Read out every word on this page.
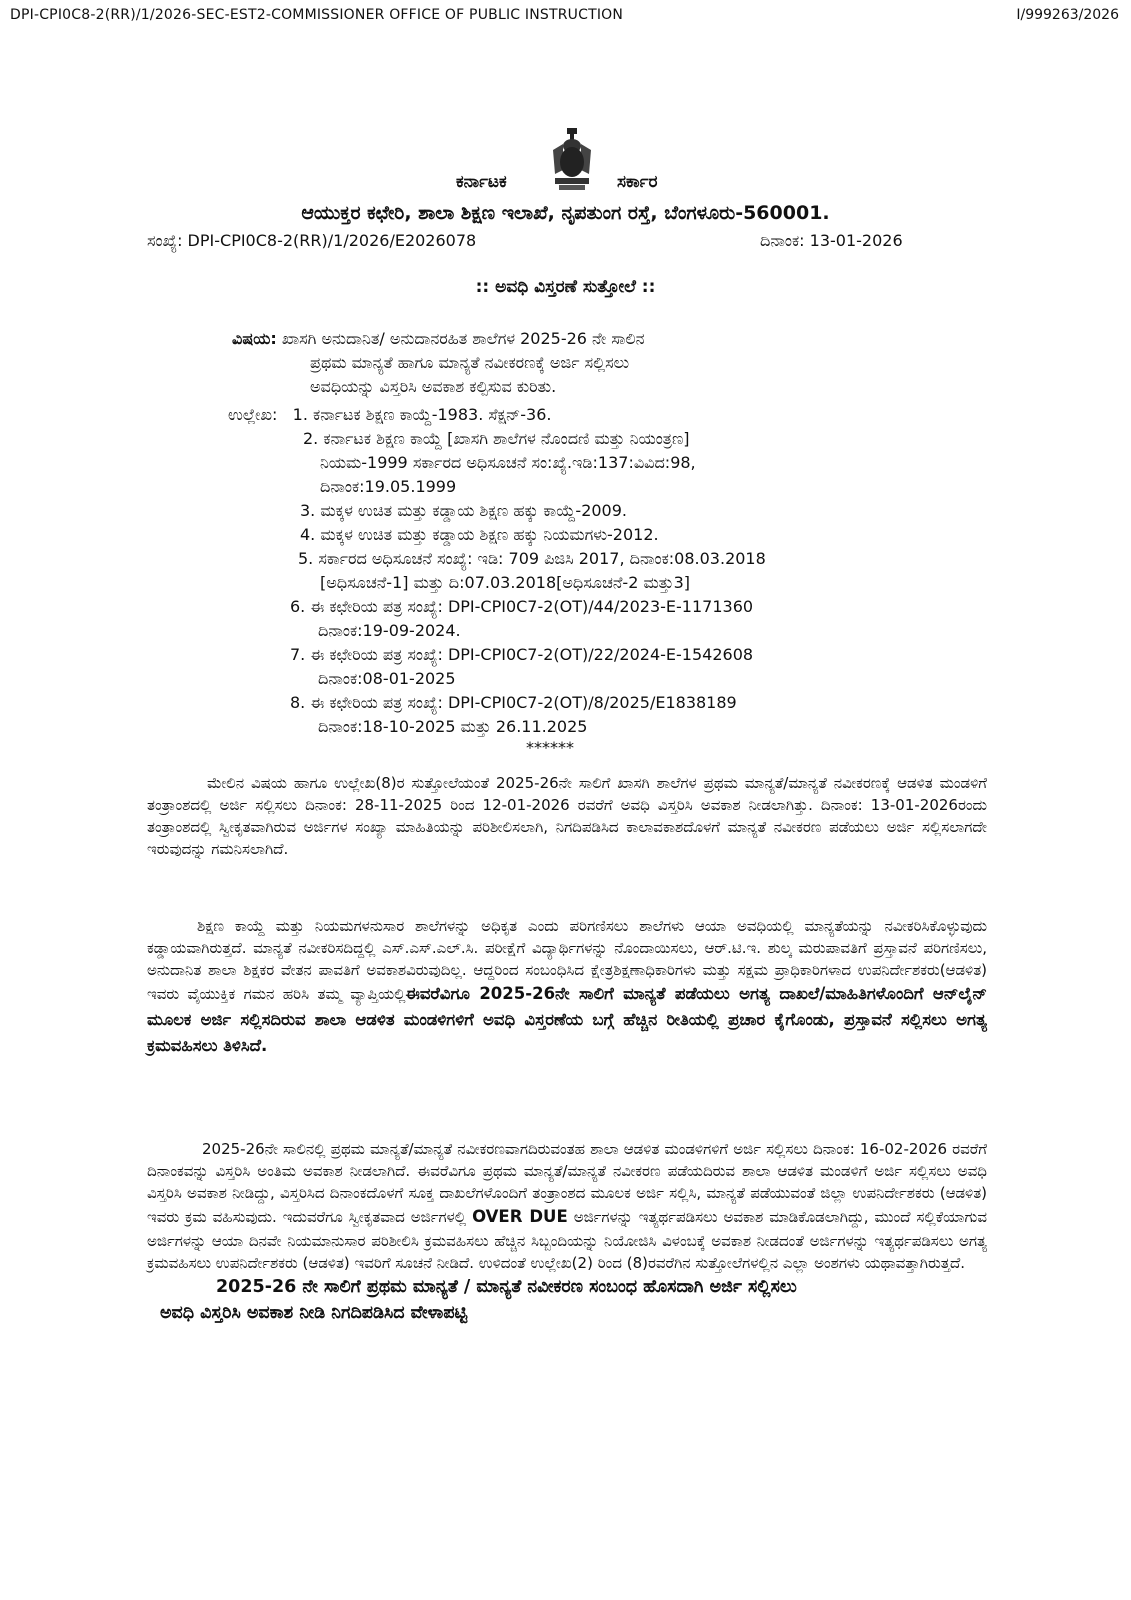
DPI-CPI0C8-2(RR)/1/2026-SEC-EST2-COMMISSIONER OFFICE OF PUBLIC INSTRUCTION	I/999263/2026
ಕರ್ನಾಟಕ	ಸರ್ಕಾರ
ಆಯುಕ್ತರ ಕಛೇರಿ, ಶಾಲಾ ಶಿಕ್ಷಣ ಇಲಾಖೆ, ನೃಪತುಂಗ ರಸ್ತೆ, ಬೆಂಗಳೂರು-560001.
ಸಂಖ್ಯೆ: DPI-CPI0C8-2(RR)/1/2026/E2026078	ದಿನಾಂಕ: 13-01-2026
:: ಅವಧಿ ವಿಸ್ತರಣೆ ಸುತ್ತೋಲೆ ::
ವಿಷಯ: ಖಾಸಗಿ ಅನುದಾನಿತ/ ಅನುದಾನರಹಿತ ಶಾಲೆಗಳ 2025-26 ನೇ ಸಾಲಿನ
ಪ್ರಥಮ ಮಾನ್ಯತೆ ಹಾಗೂ ಮಾನ್ಯತೆ ನವೀಕರಣಕ್ಕೆ ಅರ್ಜಿ ಸಲ್ಲಿಸಲು
ಅವಧಿಯನ್ನು ವಿಸ್ತರಿಸಿ ಅವಕಾಶ ಕಲ್ಪಿಸುವ ಕುರಿತು.
ಉಲ್ಲೇಖ: 1. ಕರ್ನಾಟಕ ಶಿಕ್ಷಣ ಕಾಯ್ದೆ-1983. ಸೆಕ್ಷನ್-36.
2. ಕರ್ನಾಟಕ ಶಿಕ್ಷಣ ಕಾಯ್ದೆ [ಖಾಸಗಿ ಶಾಲೆಗಳ ನೊಂದಣಿ ಮತ್ತು ನಿಯಂತ್ರಣ]
ನಿಯಮ-1999 ಸರ್ಕಾರದ ಅಧಿಸೂಚನೆ ಸಂ:ಖ್ಯೆ.ಇಡಿ:137:ವಿವಿದ:98,
ದಿನಾಂಕ:19.05.1999
3. ಮಕ್ಕಳ ಉಚಿತ ಮತ್ತು ಕಡ್ಡಾಯ ಶಿಕ್ಷಣ ಹಕ್ಕು ಕಾಯ್ದೆ-2009.
4. ಮಕ್ಕಳ ಉಚಿತ ಮತ್ತು ಕಡ್ಡಾಯ ಶಿಕ್ಷಣ ಹಕ್ಕು ನಿಯಮಗಳು-2012.
5. ಸರ್ಕಾರದ ಅಧಿಸೂಚನೆ ಸಂಖ್ಯೆ: ಇಡಿ: 709 ಪಿಜಿಸಿ 2017, ದಿನಾಂಕ:08.03.2018
[ಅಧಿಸೂಚನೆ-1] ಮತ್ತು ದಿ:07.03.2018[ಅಧಿಸೂಚನೆ-2 ಮತ್ತು3]
6. ಈ ಕಛೇರಿಯ ಪತ್ರ ಸಂಖ್ಯೆ: DPI-CPI0C7-2(OT)/44/2023-E-1171360
ದಿನಾಂಕ:19-09-2024.
7. ಈ ಕಛೇರಿಯ ಪತ್ರ ಸಂಖ್ಯೆ: DPI-CPI0C7-2(OT)/22/2024-E-1542608
ದಿನಾಂಕ:08-01-2025
8. ಈ ಕಛೇರಿಯ ಪತ್ರ ಸಂಖ್ಯೆ: DPI-CPI0C7-2(OT)/8/2025/E1838189
ದಿನಾಂಕ:18-10-2025 ಮತ್ತು 26.11.2025
******
ಮೇಲಿನ ವಿಷಯ ಹಾಗೂ ಉಲ್ಲೇಖ(8)ರ ಸುತ್ತೋಲೆಯಂತೆ 2025-26ನೇ ಸಾಲಿಗೆ ಖಾಸಗಿ ಶಾಲೆಗಳ ಪ್ರಥಮ ಮಾನ್ಯತೆ/ಮಾನ್ಯತೆ ನವೀಕರಣಕ್ಕೆ ಆಡಳಿತ ಮಂಡಳಿಗೆ ತಂತ್ರಾಂಶದಲ್ಲಿ ಅರ್ಜಿ ಸಲ್ಲಿಸಲು ದಿನಾಂಕ: 28-11-2025 ರಿಂದ 12-01-2026 ರವರೆಗೆ ಅವಧಿ ವಿಸ್ತರಿಸಿ ಅವಕಾಶ ನೀಡಲಾಗಿತ್ತು. ದಿನಾಂಕ: 13-01-2026ರಂದು ತಂತ್ರಾಂಶದಲ್ಲಿ ಸ್ವೀಕೃತವಾಗಿರುವ ಅರ್ಜಿಗಳ ಸಂಖ್ಯಾ ಮಾಹಿತಿಯನ್ನು ಪರಿಶೀಲಿಸಲಾಗಿ, ನಿಗದಿಪಡಿಸಿದ ಕಾಲಾವಕಾಶದೊಳಗೆ ಮಾನ್ಯತೆ ನವೀಕರಣ ಪಡೆಯಲು ಅರ್ಜಿ ಸಲ್ಲಿಸಲಾಗದೇ ಇರುವುದನ್ನು ಗಮನಿಸಲಾಗಿದೆ.
ಶಿಕ್ಷಣ ಕಾಯ್ದೆ ಮತ್ತು ನಿಯಮಗಳನುಸಾರ ಶಾಲೆಗಳನ್ನು ಅಧಿಕೃತ ಎಂದು ಪರಿಗಣಿಸಲು ಶಾಲೆಗಳು ಆಯಾ ಅವಧಿಯಲ್ಲಿ ಮಾನ್ಯತೆಯನ್ನು ನವೀಕರಿಸಿಕೊಳ್ಳುವುದು ಕಡ್ಡಾಯವಾಗಿರುತ್ತದೆ. ಮಾನ್ಯತೆ ನವೀಕರಿಸದಿದ್ದಲ್ಲಿ ಎಸ್.ಎಸ್.ಎಲ್.ಸಿ. ಪರೀಕ್ಷೆಗೆ ವಿದ್ಯಾರ್ಥಿಗಳನ್ನು ನೊಂದಾಯಿಸಲು, ಆರ್.ಟಿ.ಇ. ಶುಲ್ಕ ಮರುಪಾವತಿಗೆ ಪ್ರಸ್ತಾವನೆ ಪರಿಗಣಿಸಲು, ಅನುದಾನಿತ ಶಾಲಾ ಶಿಕ್ಷಕರ ವೇತನ ಪಾವತಿಗೆ ಅವಕಾಶವಿರುವುದಿಲ್ಲ. ಆದ್ದರಿಂದ ಸಂಬಂಧಿಸಿದ ಕ್ಷೇತ್ರಶಿಕ್ಷಣಾಧಿಕಾರಿಗಳು ಮತ್ತು ಸಕ್ಷಮ ಪ್ರಾಧಿಕಾರಿಗಳಾದ ಉಪನಿರ್ದೇಶಕರು(ಆಡಳಿತ) ಇವರು ವೈಯುಕ್ತಿಕ ಗಮನ ಹರಿಸಿ ತಮ್ಮ ವ್ಯಾಪ್ತಿಯಲ್ಲಿಈವರೆವಿಗೂ 2025-26ನೇ ಸಾಲಿಗೆ ಮಾನ್ಯತೆ ಪಡೆಯಲು ಅಗತ್ಯ ದಾಖಲೆ/ಮಾಹಿತಿಗಳೊಂದಿಗೆ ಆನ್‌ಲೈನ್ ಮೂಲಕ ಅರ್ಜಿ ಸಲ್ಲಿಸದಿರುವ ಶಾಲಾ ಆಡಳಿತ ಮಂಡಳಿಗಳಿಗೆ ಅವಧಿ ವಿಸ್ತರಣೆಯ ಬಗ್ಗೆ ಹೆಚ್ಚಿನ ರೀತಿಯಲ್ಲಿ ಪ್ರಚಾರ ಕೈಗೊಂಡು, ಪ್ರಸ್ತಾವನೆ ಸಲ್ಲಿಸಲು ಅಗತ್ಯ ಕ್ರಮವಹಿಸಲು ತಿಳಿಸಿದೆ.
2025-26ನೇ ಸಾಲಿನಲ್ಲಿ ಪ್ರಥಮ ಮಾನ್ಯತೆ/ಮಾನ್ಯತೆ ನವೀಕರಣವಾಗದಿರುವಂತಹ ಶಾಲಾ ಆಡಳಿತ ಮಂಡಳಿಗಳಿಗೆ ಅರ್ಜಿ ಸಲ್ಲಿಸಲು ದಿನಾಂಕ: 16-02-2026 ರವರೆಗೆ ದಿನಾಂಕವನ್ನು ವಿಸ್ತರಿಸಿ ಅಂತಿಮ ಅವಕಾಶ ನೀಡಲಾಗಿದೆ. ಈವರೆವಿಗೂ ಪ್ರಥಮ ಮಾನ್ಯತೆ/ಮಾನ್ಯತೆ ನವೀಕರಣ ಪಡೆಯದಿರುವ ಶಾಲಾ ಆಡಳಿತ ಮಂಡಳಿಗೆ ಅರ್ಜಿ ಸಲ್ಲಿಸಲು ಅವಧಿ ವಿಸ್ತರಿಸಿ ಅವಕಾಶ ನೀಡಿದ್ದು, ವಿಸ್ತರಿಸಿದ ದಿನಾಂಕದೊಳಗೆ ಸೂಕ್ತ ದಾಖಲೆಗಳೊಂದಿಗೆ ತಂತ್ರಾಂಶದ ಮೂಲಕ ಅರ್ಜಿ ಸಲ್ಲಿಸಿ, ಮಾನ್ಯತೆ ಪಡೆಯುವಂತೆ ಜಿಲ್ಲಾ ಉಪನಿರ್ದೇಶಕರು (ಆಡಳಿತ) ಇವರು ಕ್ರಮ ವಹಿಸುವುದು. ಇದುವರೆಗೂ ಸ್ವೀಕೃತವಾದ ಅರ್ಜಿಗಳಲ್ಲಿ OVER DUE ಅರ್ಜಿಗಳನ್ನು ಇತ್ಯರ್ಥಪಡಿಸಲು ಅವಕಾಶ ಮಾಡಿಕೊಡಲಾಗಿದ್ದು, ಮುಂದೆ ಸಲ್ಲಿಕೆಯಾಗುವ ಅರ್ಜಿಗಳನ್ನು ಆಯಾ ದಿನವೇ ನಿಯಮಾನುಸಾರ ಪರಿಶೀಲಿಸಿ ಕ್ರಮವಹಿಸಲು ಹೆಚ್ಚಿನ ಸಿಬ್ಬಂದಿಯನ್ನು ನಿಯೋಜಿಸಿ ವಿಳಂಬಕ್ಕೆ ಅವಕಾಶ ನೀಡದಂತೆ ಅರ್ಜಿಗಳನ್ನು ಇತ್ಯರ್ಥಪಡಿಸಲು ಅಗತ್ಯ ಕ್ರಮವಹಿಸಲು ಉಪನಿರ್ದೇಶಕರು (ಆಡಳಿತ) ಇವರಿಗೆ ಸೂಚನೆ ನೀಡಿದೆ. ಉಳಿದಂತೆ ಉಲ್ಲೇಖ(2) ರಿಂದ (8)ರವರೆಗಿನ ಸುತ್ತೋಲೆಗಳಲ್ಲಿನ ಎಲ್ಲಾ ಅಂಶಗಳು ಯಥಾವತ್ತಾಗಿರುತ್ತದೆ.
2025-26 ನೇ ಸಾಲಿಗೆ ಪ್ರಥಮ ಮಾನ್ಯತೆ / ಮಾನ್ಯತೆ ನವೀಕರಣ ಸಂಬಂಧ ಹೊಸದಾಗಿ ಅರ್ಜಿ ಸಲ್ಲಿಸಲು
ಅವಧಿ ವಿಸ್ತರಿಸಿ ಅವಕಾಶ ನೀಡಿ ನಿಗದಿಪಡಿಸಿದ ವೇಳಾಪಟ್ಟಿ
